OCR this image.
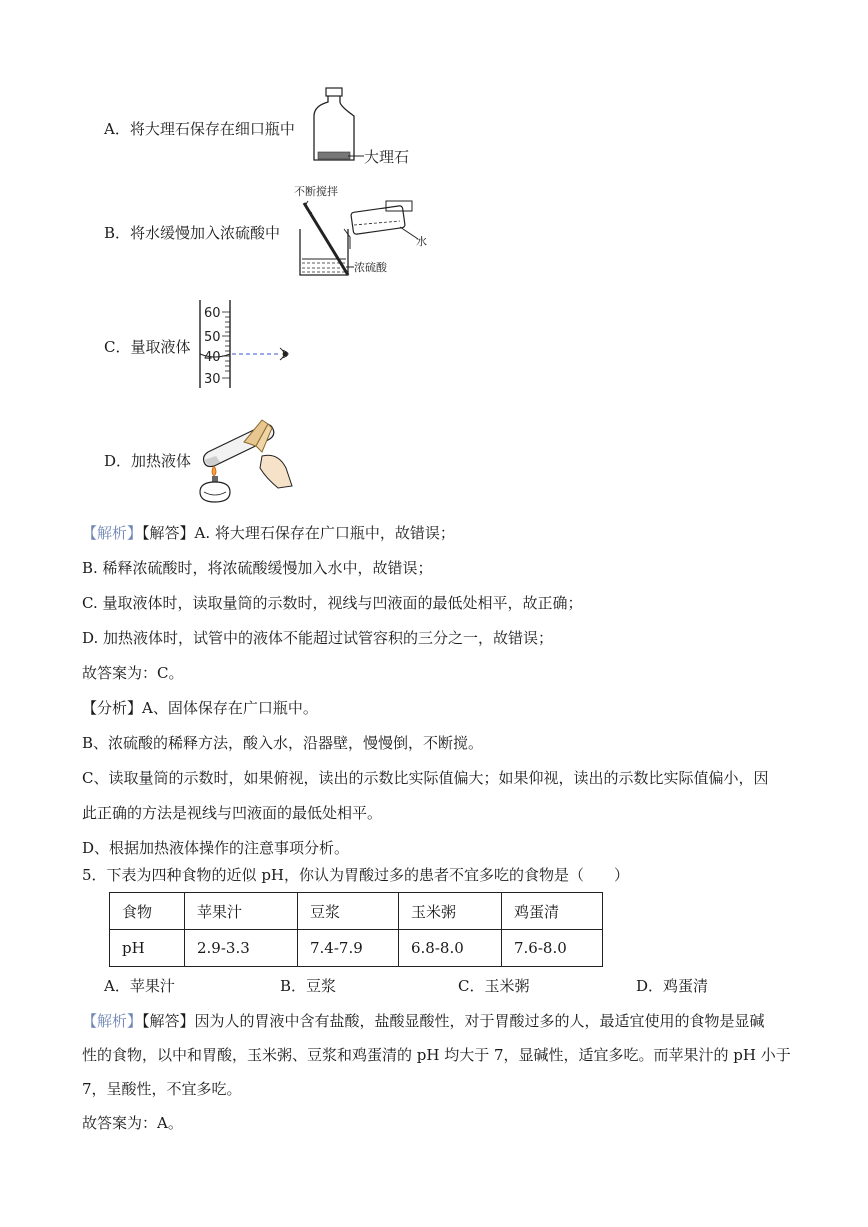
A．将大理石保存在细口瓶中
大理石
B．将水缓慢加入浓硫酸中
不断搅拌
水
浓硫酸
C．量取液体
60
50
40
30
D．加热液体
【解析】【解答】A. 将大理石保存在广口瓶中，故错误；
B. 稀释浓硫酸时，将浓硫酸缓慢加入水中，故错误；
C. 量取液体时，读取量筒的示数时，视线与凹液面的最低处相平，故正确；
D. 加热液体时，试管中的液体不能超过试管容积的三分之一，故错误；
故答案为：C。
【分析】A、固体保存在广口瓶中。
B、浓硫酸的稀释方法，酸入水，沿器壁，慢慢倒，不断搅。
C、读取量筒的示数时，如果俯视，读出的示数比实际值偏大；如果仰视，读出的示数比实际值偏小，因
此正确的方法是视线与凹液面的最低处相平。
D、根据加热液体操作的注意事项分析。
5．下表为四种食物的近似 pH，你认为胃酸过多的患者不宜多吃的食物是（　　）
食物	苹果汁	豆浆	玉米粥	鸡蛋清
pH	2.9-3.3	7.4-7.9	6.8-8.0	7.6-8.0
A．苹果汁	B．豆浆	C．玉米粥	D．鸡蛋清
【解析】【解答】因为人的胃液中含有盐酸，盐酸显酸性，对于胃酸过多的人，最适宜使用的食物是显碱
性的食物，以中和胃酸，玉米粥、豆浆和鸡蛋清的 pH 均大于 7，显碱性，适宜多吃。而苹果汁的 pH 小于
7，呈酸性，不宜多吃。
故答案为：A。
